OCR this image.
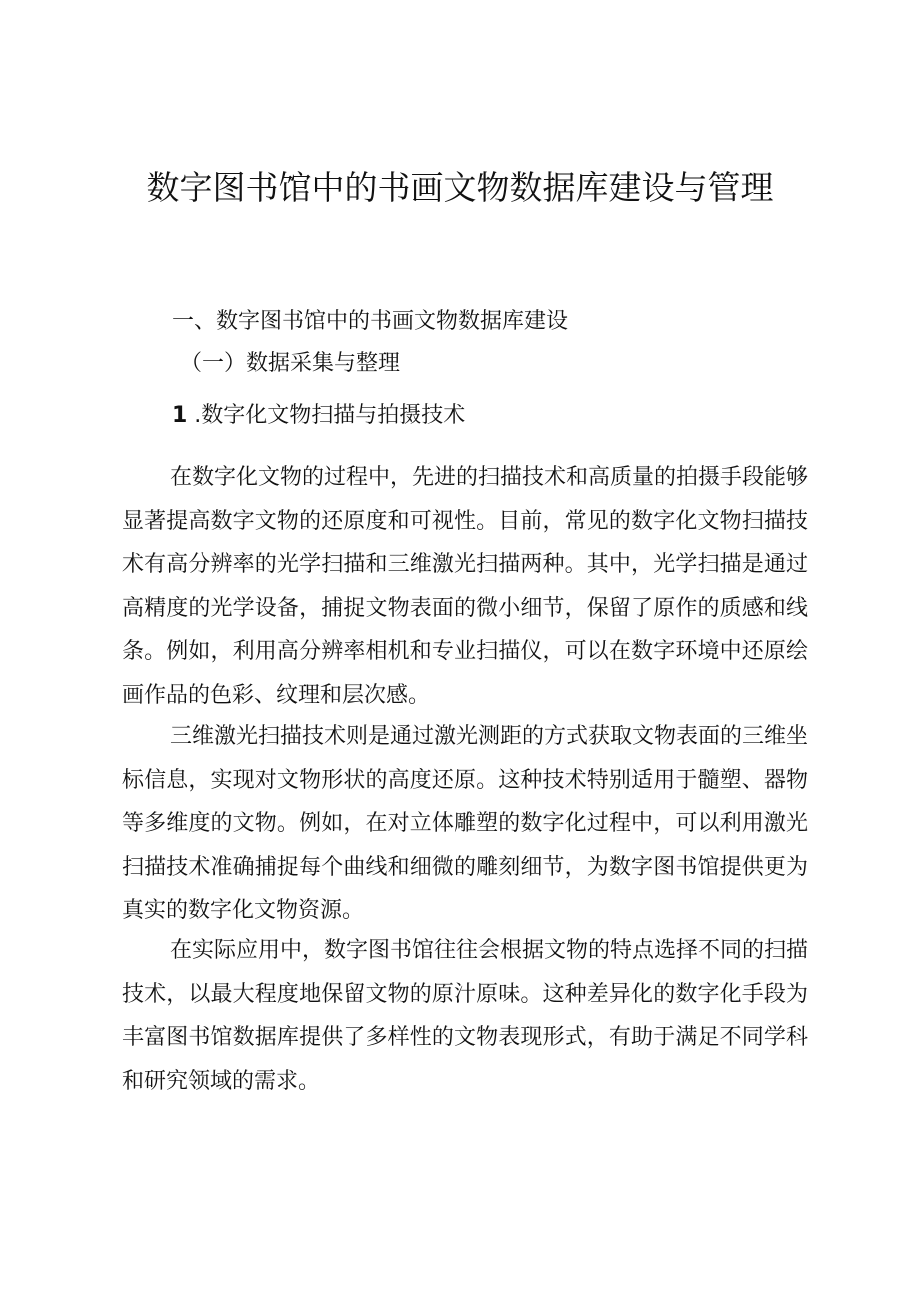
数字图书馆中的书画文物数据库建设与管理
一、数字图书馆中的书画文物数据库建设
（一）数据采集与整理
1 .数字化文物扫描与拍摄技术

在数字化文物的过程中，先进的扫描技术和高质量的拍摄手段能够显著提高数字文物的还原度和可视性。目前，常见的数字化文物扫描技术有高分辨率的光学扫描和三维激光扫描两种。其中，光学扫描是通过高精度的光学设备，捕捉文物表面的微小细节，保留了原作的质感和线条。例如，利用高分辨率相机和专业扫描仪，可以在数字环境中还原绘画作品的色彩、纹理和层次感。

三维激光扫描技术则是通过激光测距的方式获取文物表面的三维坐标信息，实现对文物形状的高度还原。这种技术特别适用于髓塑、器物等多维度的文物。例如，在对立体雕塑的数字化过程中，可以利用激光扫描技术准确捕捉每个曲线和细微的雕刻细节，为数字图书馆提供更为真实的数字化文物资源。

在实际应用中，数字图书馆往往会根据文物的特点选择不同的扫描技术，以最大程度地保留文物的原汁原味。这种差异化的数字化手段为丰富图书馆数据库提供了多样性的文物表现形式，有助于满足不同学科和研究领域的需求。
